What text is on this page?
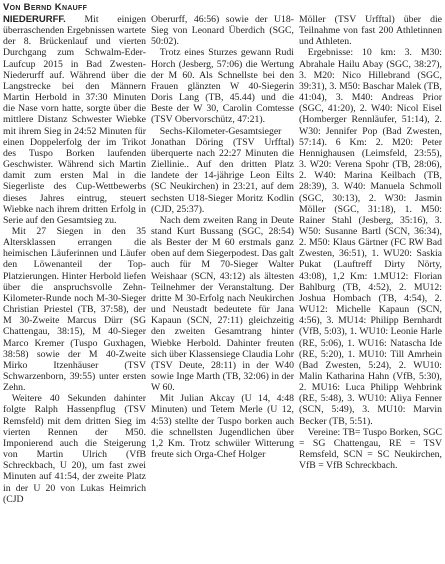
Von Bernd Knauff

NIEDERURFF. Mit einigen überraschenden Ergebnissen wartete der 8. Brückenlauf und vierten Durchgang zum Schwalm-Eder-Laufcup 2015 in Bad Zwesten-Niederurff auf. Während über die Langstrecke bei den Männern Martin Herbold in 37:30 Minuten die Nase vorn hatte, sorgte über die mittlere Distanz Schwester Wiebke mit ihrem Sieg in 24:52 Minuten für einen Doppelerfolg der im Trikot des Tuspo Borken laufenden Geschwister. Während sich Martin damit zum ersten Mal in die Siegerliste des Cup-Wettbewerbs dieses Jahres eintrug, steuert Wiebke nach ihrem dritten Erfolg in Serie auf den Gesamtsieg zu.

Mit 27 Siegen in den 35 Altersklassen errangen die heimischen Läuferinnen und Läufer den Löwenanteil der Top-Platzierungen. Hinter Herbold liefen über die anspruchsvolle Zehn-Kilometer-Runde noch M-30-Sieger Christian Priestel (TB, 37:58), der M 30-Zweite Marcus Dürr (SG Chattengau, 38:15), M 40-Sieger Marco Kremer (Tuspo Guxhagen, 38:58) sowie der M 40-Zweite Mirko Itzenhäuser (TSV Schwarzenborn, 39:55) unter ersten Zehn.

Weitere 40 Sekunden dahinter folgte Ralph Hassenpflug (TSV Remsfeld) mit dem dritten Sieg im vierten Rennen der M50. Imponierend auch die Steigerung von Martin Ulrich (VfB Schreckbach, U 20), um fast zwei Minuten auf 41:54, der zweite Platz in der U 20 von Lukas Heimrich (CJD

Oberurff, 46:56) sowie der U18-Sieg von Leonard Überdich (SGC, 50:02).

Trotz eines Sturzes gewann Rudi Horch (Jesberg, 57:06) die Wertung der M 60. Als Schnellste bei den Frauen glänzten W 40-Siegerin Doris Lang (TB, 45.44) und die Beste der W 30, Carolin Comtesse (TSV Obervorschütz, 47:21).

Sechs-Kilometer-Gesamtsieger Jonathan Döring (TSV Urfftal) überquerte nach 22:27 Minuten die Ziellinie.. Auf den dritten Platz landete der 14-jährige Leon Eilts (SC Neukirchen) in 23:21, auf dem sechsten U18-Sieger Moritz Kodlin (CJD, 25:37).

Nach dem zweiten Rang in Deute stand Kurt Bussang (SGC, 28:54) als Bester der M 60 erstmals ganz oben auf dem Siegerpodest. Das galt auch für M 70-Sieger Walter Weishaar (SCN, 43:12) als ältesten Teilnehmer der Veranstaltung. Der dritte M 30-Erfolg nach Neukirchen und Neustadt bedeutete für Jana Kapaun (SCN, 27:11) gleichzeitig den zweiten Gesamtrang hinter Wiebke Herbold. Dahinter freuten sich über Klassensiege Claudia Lohr (TSV Deute, 28:11) in der W40 sowie Inge Marth (TB, 32:06) in der W 60.

Mit Julian Akcay (U 14, 4:48 Minuten) und Tetem Merle (U 12, 4:53) stellte der Tuspo borken auch die schnellsten Jugendlichen über 1,2 Km. Trotz schwüler Witterung freute sich Orga-Chef Holger

Möller (TSV Urfftal) über die Teilnahme von fast 200 Athletinnen und Athleten.

Ergebnisse: 10 km: 3. M30: Abrahale Hailu Abay (SGC, 38:27), 3. M20: Nico Hillebrand (SGC, 39:31), 3. M50: Baschar Malek (TB, 41:04), 3. M40: Andreas Prior (SGC, 41:20), 2. W40: Nicol Eisel (Homberger Rennläufer, 51:14), 2. W30: Jennifer Pop (Bad Zwesten, 57:14). 6 Km: 2. M20: Peter Hennighausen (Leimsfeld, 23:55), 3. W20: Verena Spohr (TB, 28:06), 2. W40: Marina Keilbach (TB, 28:39), 3. W40: Manuela Schmoll (SGC, 30:13), 2. W30: Jasmin Möller (SGC, 31:18), 1. M50: Rainer Stahl (Jesberg, 35:16), 3. W50: Susanne Bartl (SCN, 36:34), 2. M50: Klaus Gärtner (FC RW Bad Zwesten, 36:51), 1. WU20: Saskia Pukat (Lauftreff Dirty Nörty, 43:08), 1,2 Km: 1.MU12: Florian Bahlburg (TB, 4:52), 2. MU12: Joshua Hombach (TB, 4:54), 2. WU12: Michelle Kapaun (SCN, 4:56), 3. MU14: Philipp Bernhardt (VfB, 5:03), 1. WU10: Leonie Harle (RE, 5:06), 1. WU16: Natascha Ide (RE, 5:20), 1. MU10: Till Amrhein (Bad Zwesten, 5:24), 2. WU10: Malin Katharina Hahn (VfB, 5:30), 2. MU16: Luca Philipp Wehbrink (RE, 5:48), 3. WU10: Aliya Fenner (SCN, 5:49), 3. MU10: Marvin Becker (TB, 5:51).

Vereine: TB= Tuspo Borken, SGC = SG Chattengau, RE = TSV Remsfeld, SCN = SC Neukirchen, VfB = VfB Schreckbach.
